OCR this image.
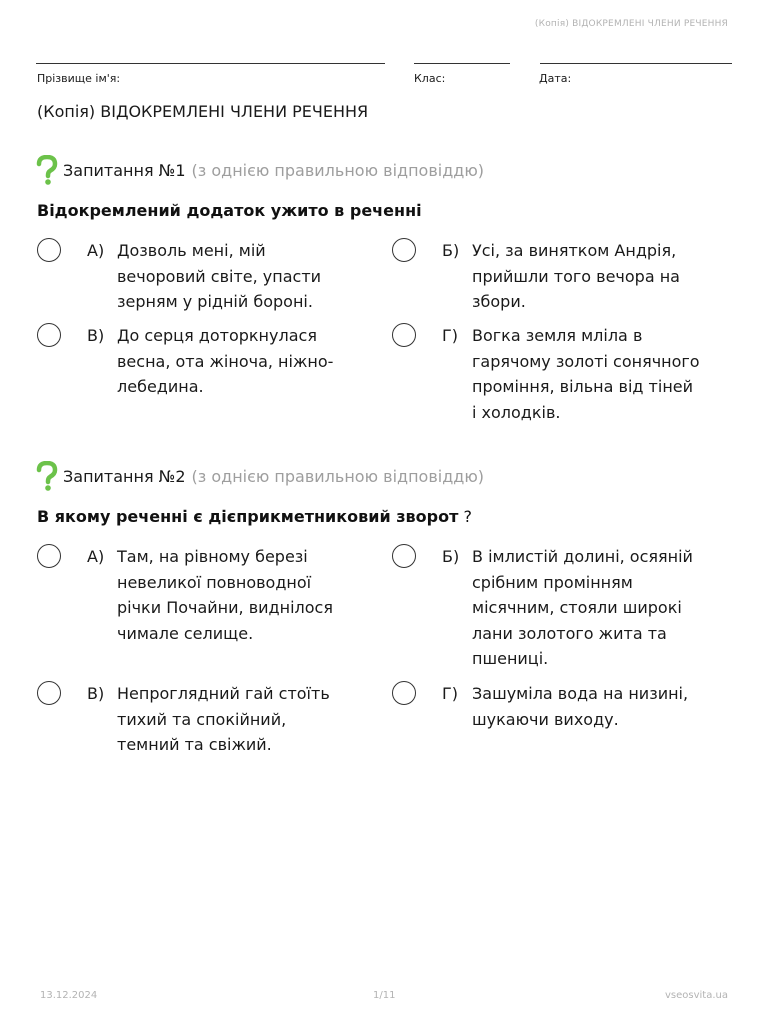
(Копія) ВІДОКРЕМЛЕНІ ЧЛЕНИ РЕЧЕННЯ
Прізвище ім'я:	Клас:	Дата:
(Копія) ВІДОКРЕМЛЕНІ ЧЛЕНИ РЕЧЕННЯ
Запитання №1 (з однією правильною відповіддю)
Відокремлений додаток ужито в реченні
А) Дозволь мені, мій
вечоровий світе, упасти
зерням у рідній бороні.
Б) Усі, за винятком Андрія,
прийшли того вечора на
збори.
В) До серця доторкнулася
весна, ота жіноча, ніжно-
лебедина.
Г) Вогка земля мліла в
гарячому золоті сонячного
проміння, вільна від тіней
і холодків.
Запитання №2 (з однією правильною відповіддю)
В якому реченні є дієприкметниковий зворот ?
А) Там, на рівному березі
невеликої повноводної
річки Почайни, виднілося
чимале селище.
Б) В імлистій долині, осяяній
срібним промінням
місячним, стояли широкі
лани золотого жита та
пшениці.
В) Непроглядний гай стоїть
тихий та спокійний,
темний та свіжий.
Г) Зашуміла вода на низині,
шукаючи виходу.
13.12.2024	1/11	vseosvita.ua
